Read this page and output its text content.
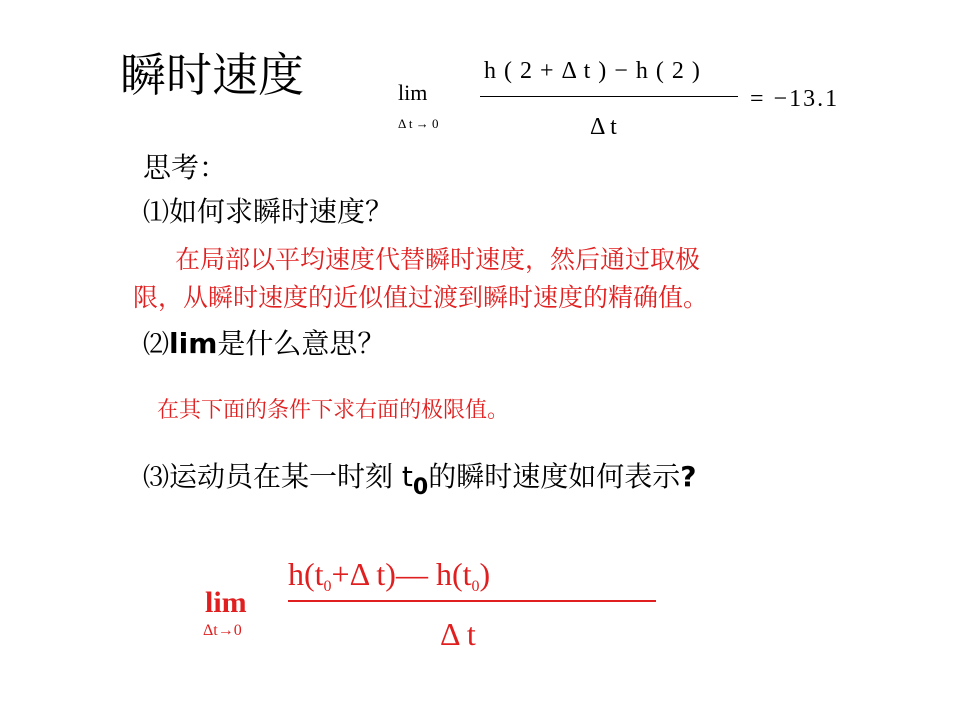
瞬时速度	lim
Δ t → 0
h ( 2 + Δ t ) − h ( 2 )
Δ t
= −13.1
思考：
⑴如何求瞬时速度？
在局部以平均速度代替瞬时速度，然后通过取极
限，从瞬时速度的近似值过渡到瞬时速度的精确值。
⑵lim是什么意思？
在其下面的条件下求右面的极限值。
⑶运动员在某一时刻 $t_0$的瞬时速度如何表示?
lim
Δt→0
h(t0+Δ t)— h(t0)
Δ t
